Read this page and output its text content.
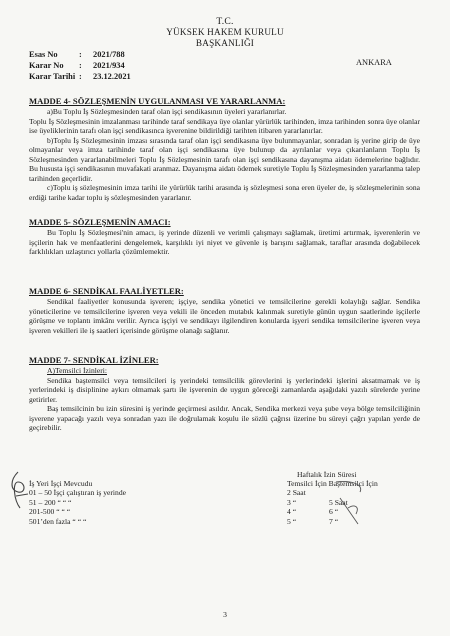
T.C.
YÜKSEK HAKEM KURULU
BAŞKANLIĞI
Esas No	: 2021/788
Karar No : 2021/934
Karar Tarihi : 23.12.2021
ANKARA

MADDE 4- SÖZLEŞMENİN UYGULANMASI VE YARARLANMA:

a)Bu Toplu İş Sözleşmesinden taraf olan işçi sendikasının üyeleri yararlanırlar.

Toplu İş Sözleşmesinin imzalanması tarihinde taraf sendikaya üye olanlar yürürlük tarihinden, imza tarihinden sonra üye olanlar ise üyeliklerinin tarafı olan işçi sendikasınca işverenine bildirildiği tarihten itibaren yararlanırlar.

b)Toplu İş Sözleşmesinin imzası sırasında taraf olan işçi sendikasına üye bulunmayanlar, sonradan iş yerine girip de üye olmayanlar veya imza tarihinde taraf olan işçi sendikasına üye bulunup da ayrılanlar veya çıkarılanların Toplu İş Sözleşmesinden yararlanabilmeleri Toplu İş Sözleşmesinin tarafı olan işçi sendikasına dayanışma aidatı ödemelerine bağlıdır. Bu hususta işçi sendikasının muvafakati aranmaz. Dayanışma aidatı ödemek suretiyle Toplu İş Sözleşmesinden yararlanma talep tarihinden geçerlidir.

c)Toplu iş sözleşmesinin imza tarihi ile yürürlük tarihi arasında iş sözleşmesi sona eren üyeler de, iş sözleşmelerinin sona erdiği tarihe kadar toplu iş sözleşmesinden yararlanır.

MADDE 5- SÖZLEŞMENİN AMACI:

Bu Toplu İş Sözleşmesi'nin amacı, iş yerinde düzenli ve verimli çalışmayı sağlamak, üretimi artırmak, işverenlerin ve işçilerin hak ve menfaatlerini dengelemek, karşılıklı iyi niyet ve güvenle iş barışını sağlamak, taraflar arasında doğabilecek farklılıkları uzlaştırıcı yollarla çözümlemektir.

MADDE 6- SENDİKAL FAALİYETLER:

Sendikal faaliyetler konusunda işveren; işçiye, sendika yönetici ve temsilcilerine gerekli kolaylığı sağlar. Sendika yöneticilerine ve temsilcilerine işveren veya vekili ile önceden mutabık kalınmak suretiyle günün uygun saatlerinde işçilerle görüşme ve toplantı imkânı verilir. Ayrıca işçiyi ve sendikayı ilgilendiren konularda işyeri sendika temsilcilerine işveren veya işveren vekilleri ile iş saatleri içerisinde görüşme olanağı sağlanır.

MADDE 7- SENDİKAL İZİNLER:

A)Temsilci İzinleri:

Sendika baştemsilci veya temsilcileri iş yerindeki temsilcilik görevlerini iş yerlerindeki işlerini aksatmamak ve iş yerlerindeki iş disiplinine aykırı olmamak şartı ile işverenin de uygun göreceği zamanlarda aşağıdaki yazılı sürelerde yerine getirirler.

Baş temsilcinin bu izin süresini iş yerinde geçirmesi asıldır. Ancak, Sendika merkezi veya şube veya bölge temsilciliğinin işverene yapacağı yazılı veya sonradan yazı ile doğrulamak koşulu ile sözlü çağrısı üzerine bu süreyi çağrı yapılan yerde de geçirebilir.

Haftalık İzin Süresi
İş Yeri İşçi Mevcudu	Temsilci İçin Baştemsilci İçin
01 – 50 İşçi çalıştıran iş yerinde	2 Saat
51 – 200 “ “ “	3 “	5 Saat
201-500 “ “ “	4 “	6 “
501’den fazla “ “ “	5 “	7 “
3
